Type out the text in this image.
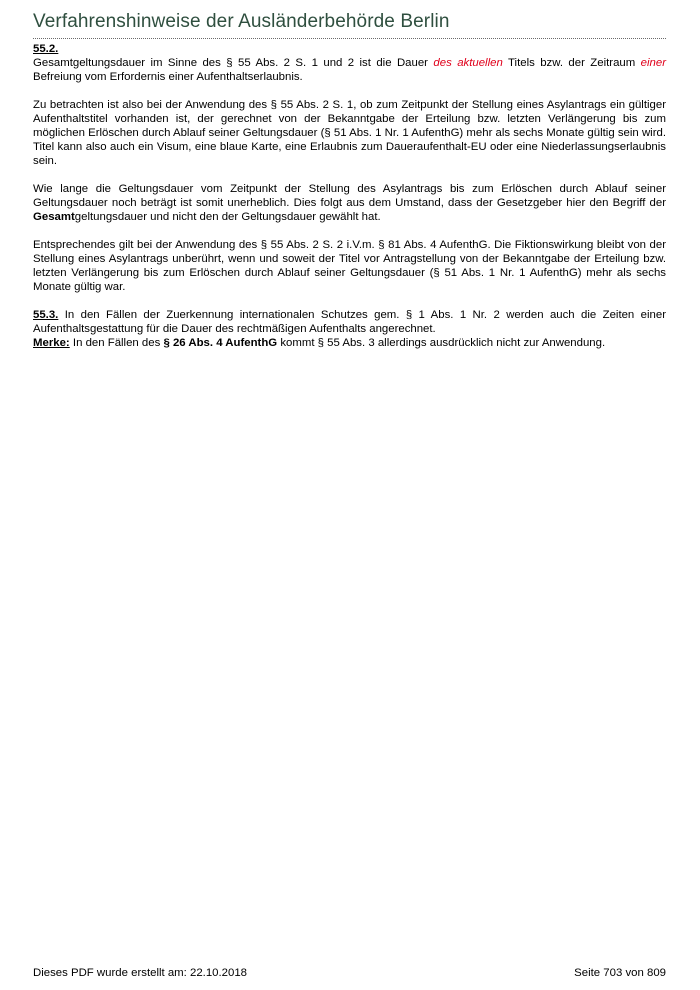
Verfahrenshinweise der Ausländerbehörde Berlin

55.2.
Gesamtgeltungsdauer im Sinne des § 55 Abs. 2 S. 1 und 2 ist die Dauer des aktuellen Titels bzw. der Zeitraum einer Befreiung vom Erfordernis einer Aufenthaltserlaubnis.

Zu betrachten ist also bei der Anwendung des § 55 Abs. 2 S. 1, ob zum Zeitpunkt der Stellung eines Asylantrags ein gültiger Aufenthaltstitel vorhanden ist, der gerechnet von der Bekanntgabe der Erteilung bzw. letzten Verlängerung bis zum möglichen Erlöschen durch Ablauf seiner Geltungsdauer (§ 51 Abs. 1 Nr. 1 AufenthG) mehr als sechs Monate gültig sein wird. Titel kann also auch ein Visum, eine blaue Karte, eine Erlaubnis zum Daueraufenthalt-EU oder eine Niederlassungserlaubnis sein.

Wie lange die Geltungsdauer vom Zeitpunkt der Stellung des Asylantrags bis zum Erlöschen durch Ablauf seiner Geltungsdauer noch beträgt ist somit unerheblich. Dies folgt aus dem Umstand, dass der Gesetzgeber hier den Begriff der Gesamtgeltungsdauer und nicht den der Geltungsdauer gewählt hat.

Entsprechendes gilt bei der Anwendung des § 55 Abs. 2 S. 2 i.V.m. § 81 Abs. 4 AufenthG. Die Fiktionswirkung bleibt von der Stellung eines Asylantrags unberührt, wenn und soweit der Titel vor Antragstellung von der Bekanntgabe der Erteilung bzw. letzten Verlängerung bis zum Erlöschen durch Ablauf seiner Geltungsdauer (§ 51 Abs. 1 Nr. 1 AufenthG) mehr als sechs Monate gültig war.

55.3. In den Fällen der Zuerkennung internationalen Schutzes gem. § 1 Abs. 1 Nr. 2 werden auch die Zeiten einer Aufenthaltsgestattung für die Dauer des rechtmäßigen Aufenthalts angerechnet.
Merke: In den Fällen des § 26 Abs. 4 AufenthG kommt § 55 Abs. 3 allerdings ausdrücklich nicht zur Anwendung.

Dieses PDF wurde erstellt am: 22.10.2018	Seite 703 von 809
